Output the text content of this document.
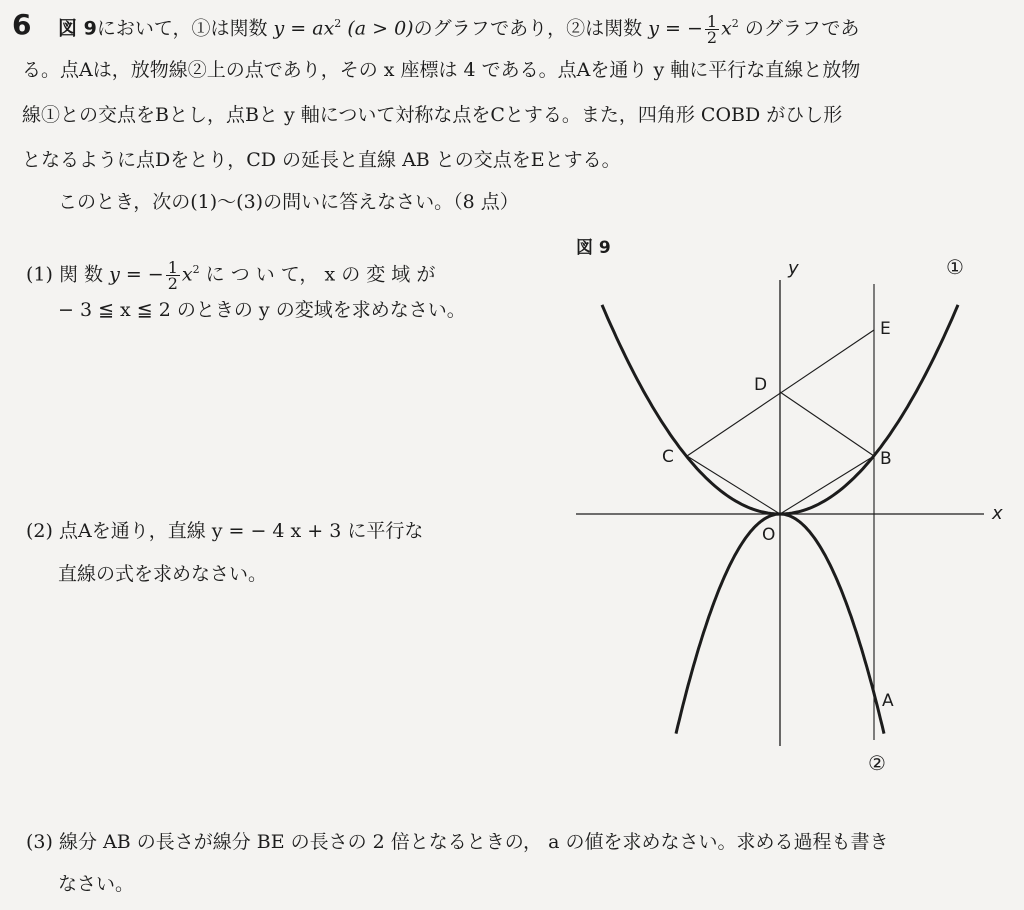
6 図 9において，①は関数 $y = ax^2$ (a > 0)のグラフであり，②は関数 y = − $\frac{1}{2} x^2$ のグラフであ
る。点Aは，放物線②上の点であり，その x 座標は 4 である。点Aを通り y 軸に平行な直線と放物
線①との交点をBとし，点Bと y 軸について対称な点をCとする。また，四角形 COBD がひし形
となるように点Dをとり，CD の延長と直線 AB との交点をEとする。
このとき，次の(1)〜(3)の問いに答えなさい。（8 点）
(1) 関 数 y = − $\frac{1}{2} x^2$ に つ い て， x の 変 域 が
− 3 ≦ x ≦ 2 のときの y の変域を求めなさい。
(2) 点Aを通り，直線 y = − 4 x + 3 に平行な
直線の式を求めなさい。
(3) 線分 AB の長さが線分 BE の長さの 2 倍となるときの， a の値を求めなさい。求める過程も書き
なさい。
図 9
y
x
①
②
O
A
B
C
D
E
